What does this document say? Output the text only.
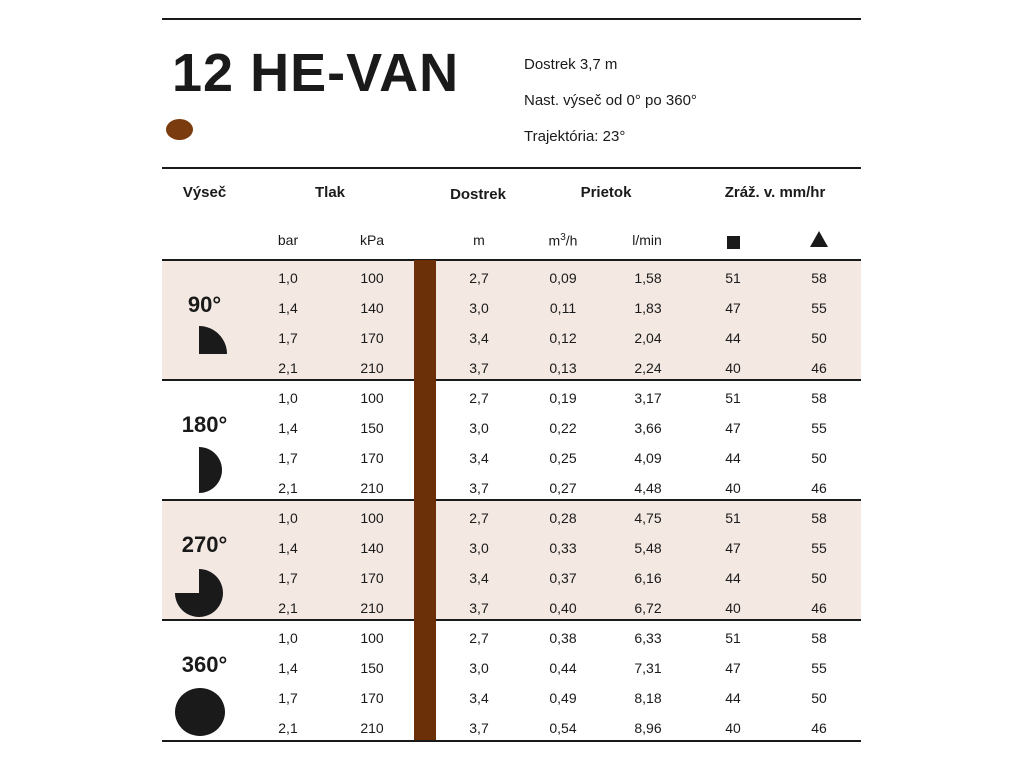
12 HE-VAN	Dostrek 3,7 m
Nast. výseč od 0° po 360°
Trajektória: 23°
Výseč	Tlak	Dostrek	Prietok	Zráž. v. mm/hr
bar	kPa	m	$m^3/h$	l/min
90°
1,0	100	2,7	0,09	1,58	51	58
1,4	140	3,0	0,11	1,83	47	55
1,7	170	3,4	0,12	2,04	44	50
2,1	210	3,7	0,13	2,24	40	46
180°
1,0	100	2,7	0,19	3,17	51	58
1,4	150	3,0	0,22	3,66	47	55
1,7	170	3,4	0,25	4,09	44	50
2,1	210	3,7	0,27	4,48	40	46
270°
1,0	100	2,7	0,28	4,75	51	58
1,4	140	3,0	0,33	5,48	47	55
1,7	170	3,4	0,37	6,16	44	50
2,1	210	3,7	0,40	6,72	40	46
360°
1,0	100	2,7	0,38	6,33	51	58
1,4	150	3,0	0,44	7,31	47	55
1,7	170	3,4	0,49	8,18	44	50
2,1	210	3,7	0,54	8,96	40	46
